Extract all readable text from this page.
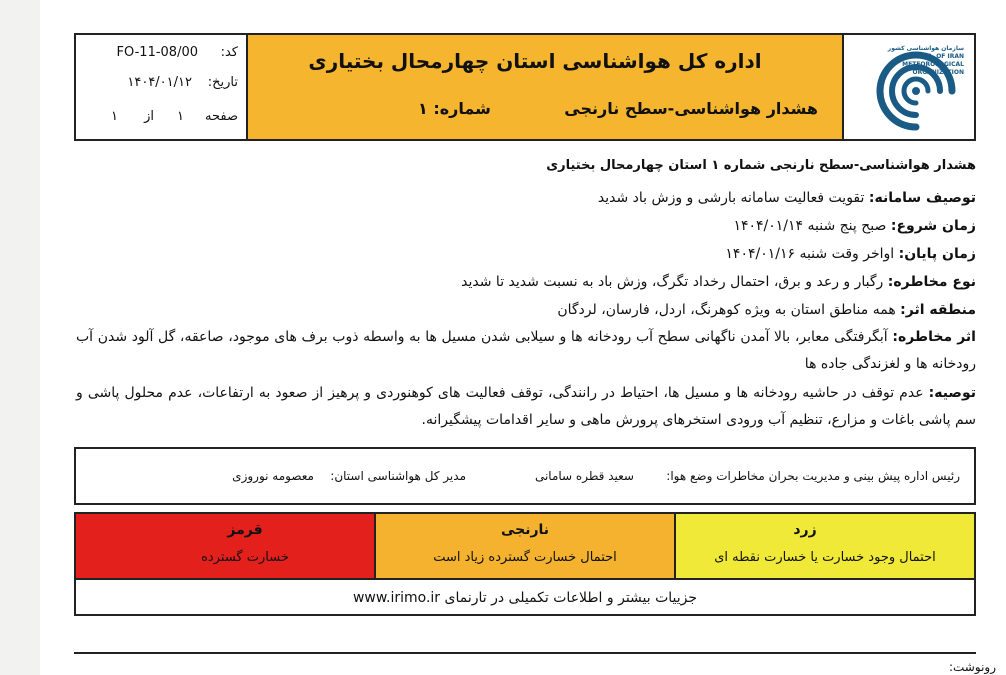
کد:
FO-11-08/00
تاریخ:
۱۴۰۴/۰۱/۱۲
صفحه
۱
از
۱
اداره کل هواشناسی استان چهارمحال بختیاری
هشدار هواشناسی-سطح نارنجی
شماره: ۱
سازمان هواشناسی کشور
I.R. OF IRAN
METEOROLOGICAL
ORGANIZATION
هشدار هواشناسی-سطح نارنجی شماره ۱ استان چهارمحال بختیاری
توصیف سامانه: تقویت فعالیت سامانه بارشی و وزش باد شدید
زمان شروع: صبح پنج شنبه ۱۴۰۴/۰۱/۱۴
زمان پایان: اواخر وقت شنبه ۱۴۰۴/۰۱/۱۶
نوع مخاطره: رگبار و رعد و برق، احتمال رخداد تگرگ، وزش باد به نسبت شدید تا شدید
منطقه اثر: همه مناطق استان به ویژه کوهرنگ، اردل، فارسان، لردگان
اثر مخاطره: آبگرفتگی معابر، بالا آمدن ناگهانی سطح آب رودخانه ها و سیلابی شدن مسیل ها به واسطه ذوب برف های موجود، صاعقه، گل آلود شدن آب رودخانه ها و لغزندگی جاده ها
توصیه: عدم توقف در حاشیه رودخانه ها و مسیل ها، احتیاط در رانندگی، توقف فعالیت های کوهنوردی و پرهیز از صعود به ارتفاعات، عدم محلول پاشی و سم پاشی باغات و مزارع، تنظیم آب ورودی استخرهای پرورش ماهی و سایر اقدامات پیشگیرانه.
رئیس اداره پیش بینی و مدیریت بحران مخاطرات وضع هوا:
سعید قطره سامانی
مدیر کل هواشناسی استان:
معصومه نوروزی
قرمز
خسارت گسترده
نارنجی
احتمال خسارت گسترده زیاد است
زرد
احتمال وجود خسارت یا خسارت نقطه ای
جزییات بیشتر و اطلاعات تکمیلی در تارنمای www.irimo.ir
رونوشت:
